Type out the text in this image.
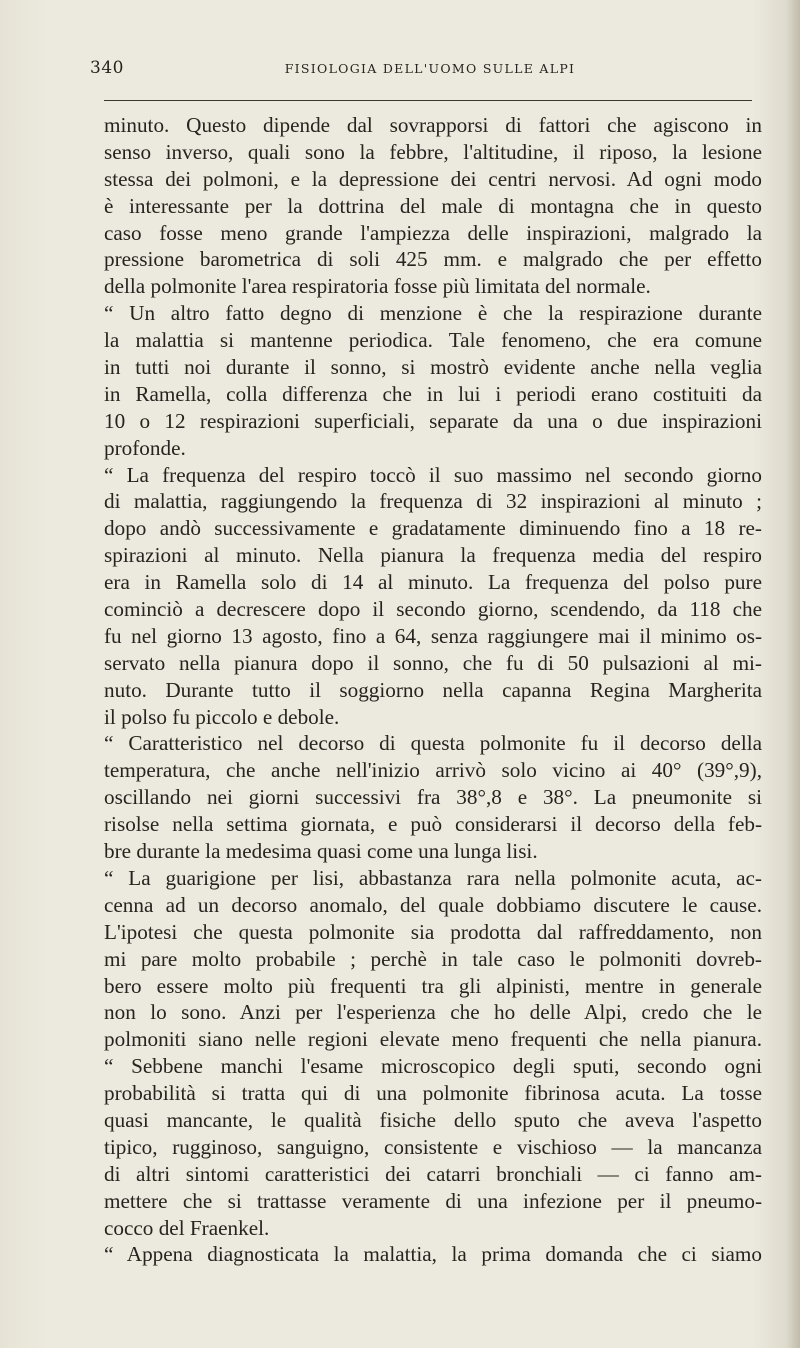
340	FISIOLOGIA DELL'UOMO SULLE ALPI
minuto. Questo dipende dal sovrapporsi di fattori che agiscono in
senso inverso, quali sono la febbre, l'altitudine, il riposo, la lesione
stessa dei polmoni, e la depressione dei centri nervosi. Ad ogni modo
è interessante per la dottrina del male di montagna che in questo
caso fosse meno grande l'ampiezza delle inspirazioni, malgrado la
pressione barometrica di soli 425 mm. e malgrado che per effetto
della polmonite l'area respiratoria fosse più limitata del normale.
“ Un altro fatto degno di menzione è che la respirazione durante
la malattia si mantenne periodica. Tale fenomeno, che era comune
in tutti noi durante il sonno, si mostrò evidente anche nella veglia
in Ramella, colla differenza che in lui i periodi erano costituiti da
10 o 12 respirazioni superficiali, separate da una o due inspirazioni
profonde.
“ La frequenza del respiro toccò il suo massimo nel secondo giorno
di malattia, raggiungendo la frequenza di 32 inspirazioni al minuto ;
dopo andò successivamente e gradatamente diminuendo fino a 18 re-
spirazioni al minuto. Nella pianura la frequenza media del respiro
era in Ramella solo di 14 al minuto. La frequenza del polso pure
cominciò a decrescere dopo il secondo giorno, scendendo, da 118 che
fu nel giorno 13 agosto, fino a 64, senza raggiungere mai il minimo os-
servato nella pianura dopo il sonno, che fu di 50 pulsazioni al mi-
nuto. Durante tutto il soggiorno nella capanna Regina Margherita
il polso fu piccolo e debole.
“ Caratteristico nel decorso di questa polmonite fu il decorso della
temperatura, che anche nell'inizio arrivò solo vicino ai 40° (39°,9),
oscillando nei giorni successivi fra 38°,8 e 38°. La pneumonite si
risolse nella settima giornata, e può considerarsi il decorso della feb-
bre durante la medesima quasi come una lunga lisi.
“ La guarigione per lisi, abbastanza rara nella polmonite acuta, ac-
cenna ad un decorso anomalo, del quale dobbiamo discutere le cause.
L'ipotesi che questa polmonite sia prodotta dal raffreddamento, non
mi pare molto probabile ; perchè in tale caso le polmoniti dovreb-
bero essere molto più frequenti tra gli alpinisti, mentre in generale
non lo sono. Anzi per l'esperienza che ho delle Alpi, credo che le
polmoniti siano nelle regioni elevate meno frequenti che nella pianura.
“ Sebbene manchi l'esame microscopico degli sputi, secondo ogni
probabilità si tratta qui di una polmonite fibrinosa acuta. La tosse
quasi mancante, le qualità fisiche dello sputo che aveva l'aspetto
tipico, rugginoso, sanguigno, consistente e vischioso — la mancanza
di altri sintomi caratteristici dei catarri bronchiali — ci fanno am-
mettere che si trattasse veramente di una infezione per il pneumo-
cocco del Fraenkel.
“ Appena diagnosticata la malattia, la prima domanda che ci siamo
